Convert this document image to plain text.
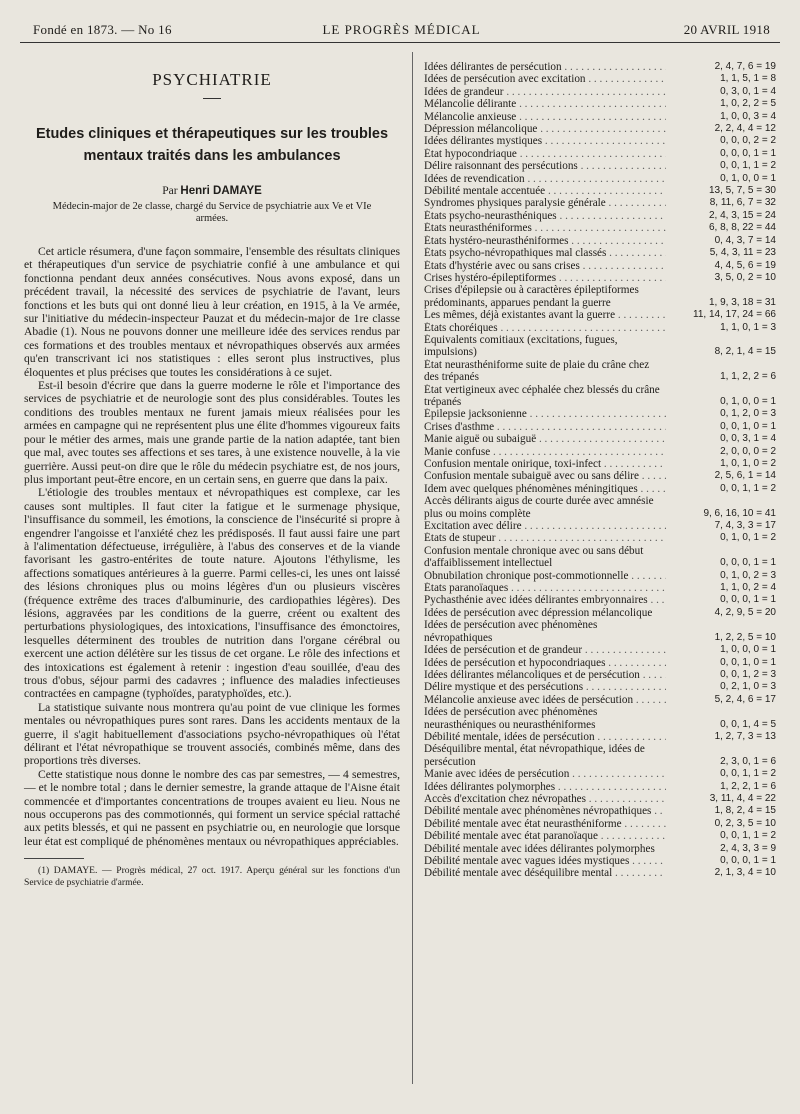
Fondé en 1873. — No 16	LE PROGRÈS MÉDICAL	20 AVRIL 1918
PSYCHIATRIE
Etudes cliniques et thérapeutiques sur les troubles mentaux traités dans les ambulances

Par Henri DAMAYE

Médecin-major de 2e classe, chargé du Service de psychiatrie aux Ve et VIe armées.

Cet article résumera, d'une façon sommaire, l'ensemble des résultats cliniques et thérapeutiques d'un service de psychiatrie confié à une ambulance et qui fonctionna pendant deux années consécutives. Nous avons exposé, dans un précédent travail, la nécessité des services de psychiatrie de l'avant, leurs fonctions et les buts qui ont donné lieu à leur création, en 1915, à la Ve armée, sur l'initiative du médecin-inspecteur Pauzat et du médecin-major de 1re classe Abadie (1). Nous ne pouvons donner une meilleure idée des services rendus par ces formations et des troubles mentaux et névropathiques observés aux armées qu'en transcrivant ici nos statistiques : elles seront plus instructives, plus éloquentes et plus précises que toutes les considérations à ce sujet.

Est-il besoin d'écrire que dans la guerre moderne le rôle et l'importance des services de psychiatrie et de neurologie sont des plus considérables. Toutes les conditions des troubles mentaux ne furent jamais mieux réalisées pour les armées en campagne qui ne représentent plus une élite d'hommes vigoureux faits pour le métier des armes, mais une grande partie de la nation adaptée, tant bien que mal, avec toutes ses affections et ses tares, à une existence nouvelle, à la vie guerrière. Aussi peut-on dire que le rôle du médecin psychiatre est, de nos jours, plus important peut-être encore, en un certain sens, en guerre que dans la paix.

L'étiologie des troubles mentaux et névropathiques est complexe, car les causes sont multiples. Il faut citer la fatigue et le surmenage physique, l'insuffisance du sommeil, les émotions, la conscience de l'insécurité si propre à engendrer l'angoisse et l'anxiété chez les prédisposés. Il faut aussi faire une part à l'alimentation défectueuse, irrégulière, à l'abus des conserves et de la viande favorisant les gastro-entérites de toute nature. Ajoutons l'éthylisme, les affections somatiques antérieures à la guerre. Parmi celles-ci, les unes ont laissé des lésions chroniques plus ou moins légères d'un ou plusieurs viscères (fréquence extrême des traces d'albuminurie, des cardiopathies légères). Des lésions, aggravées par les conditions de la guerre, créent ou exaltent des perturbations physiologiques, des intoxications, l'insuffisance des émonctoires, lesquelles déterminent des troubles de nutrition dans l'organe cérébral ou exercent une action délétère sur les tissus de cet organe. Le rôle des infections et des intoxications est également à retenir : ingestion d'eau souillée, d'eau des trous d'obus, séjour parmi des cadavres ; influence des maladies infectieuses contractées en campagne (typhoïdes, paratyphoïdes, etc.).

La statistique suivante nous montrera qu'au point de vue clinique les formes mentales ou névropathiques pures sont rares. Dans les accidents mentaux de la guerre, il s'agit habituellement d'associations psycho-névropathiques où l'état délirant et l'état névropathique se trouvent associés, combinés même, dans des proportions très diverses.

Cette statistique nous donne le nombre des cas par semestres, — 4 semestres, — et le nombre total ; dans le dernier semestre, la grande attaque de l'Aisne était commencée et d'importantes concentrations de troupes avaient eu lieu. Nous ne nous occuperons pas des commotionnés, qui forment un service spécial rattaché aux petits blessés, et qui ne passent en psychiatrie ou, en neurologie que lorsque leur état est compliqué de phénomènes mentaux ou névropathiques appréciables.

(1) DAMAYE. — Progrès médical, 27 oct. 1917. Aperçu général sur les fonctions d'un Service de psychiatrie d'armée.

Idées délirantes de persécution . . .	2, 4, 7, 6 = 19
Idées de persécution avec excitation . . .	1, 1, 5, 1 = 8
Idées de grandeur . . .	0, 3, 0, 1 = 4
Mélancolie délirante . . .	1, 0, 2, 2 = 5
Mélancolie anxieuse . . .	1, 0, 0, 3 = 4
Dépression mélancolique . . .	2, 2, 4, 4 = 12
Idées délirantes mystiques . . .	0, 0, 0, 2 = 2
État hypocondriaque . . .	0, 0, 0, 1 = 1
Délire raisonnant des persécutions . . .	0, 0, 1, 1 = 2
Idées de revendication . . .	0, 1, 0, 0 = 1
Débilité mentale accentuée . . .	13, 5, 7, 5 = 30
Syndromes physiques paralysie générale . . .	8, 11, 6, 7 = 32
États psycho-neurasthéniques . . .	2, 4, 3, 15 = 24
États neurasthéniformes . . .	6, 8, 8, 22 = 44
États hystéro-neurasthéniformes . . .	0, 4, 3, 7 = 14
États psycho-névropathiques mal classés . . .	5, 4, 3, 11 = 23
États d'hystérie avec ou sans crises . . .	4, 4, 5, 6 = 19
Crises hystéro-épileptiformes . . .	3, 5, 0, 2 = 10
Crises d'épilepsie ou à caractères épileptiformes prédominants, apparues pendant la guerre	1, 9, 3, 18 = 31
Les mêmes, déjà existantes avant la guerre . . .	11, 14, 17, 24 = 66
États choréiques . . .	1, 1, 0, 1 = 3
Équivalents comitiaux (excitations, fugues, impulsions)	8, 2, 1, 4 = 15
État neurasthéniforme suite de plaie du crâne chez des trépanés	1, 1, 2, 2 = 6
État vertigineux avec céphalée chez blessés du crâne trépanés	0, 1, 0, 0 = 1
Épilepsie jacksonienne . . .	0, 1, 2, 0 = 3
Crises d'asthme . . .	0, 0, 1, 0 = 1
Manie aiguë ou subaiguë . . .	0, 0, 3, 1 = 4
Manie confuse . . .	2, 0, 0, 0 = 2
Confusion mentale onirique, toxi-infect . . .	1, 0, 1, 0 = 2
Confusion mentale subaiguë avec ou sans délire . . .	2, 5, 6, 1 = 14
Idem avec quelques phénomènes méningitiques . . .	0, 0, 1, 1 = 2
Accès délirants aigus de courte durée avec amnésie plus ou moins complète	9, 6, 16, 10 = 41
Excitation avec délire . . .	7, 4, 3, 3 = 17
États de stupeur . . .	0, 1, 0, 1 = 2
Confusion mentale chronique avec ou sans début d'affaiblissement intellectuel	0, 0, 0, 1 = 1
Obnubilation chronique post-commotionnelle . . .	0, 1, 0, 2 = 3
États paranoïaques . . .	1, 1, 0, 2 = 4
Pychasthénie avec idées délirantes embryonnaires . . .	0, 0, 0, 1 = 1
Idées de persécution avec dépression mélancolique	4, 2, 9, 5 = 20
Idées de persécution avec phénomènes névropathiques	1, 2, 2, 5 = 10
Idées de persécution et de grandeur . . .	1, 0, 0, 0 = 1
Idées de persécution et hypocondriaques . . .	0, 0, 1, 0 = 1
Idées délirantes mélancoliques et de persécution . . .	0, 0, 1, 2 = 3
Délire mystique et des persécutions . . .	0, 2, 1, 0 = 3
Mélancolie anxieuse avec idées de persécution . . .	5, 2, 4, 6 = 17
Idées de persécution avec phénomènes neurasthéniques ou neurasthéniformes	0, 0, 1, 4 = 5
Débilité mentale, idées de persécution . . .	1, 2, 7, 3 = 13
Déséquilibre mental, état névropathique, idées de persécution	2, 3, 0, 1 = 6
Manie avec idées de persécution . . .	0, 0, 1, 1 = 2
Idées délirantes polymorphes . . .	1, 2, 2, 1 = 6
Accès d'excitation chez névropathes . . .	3, 11, 4, 4 = 22
Débilité mentale avec phénomènes névropathiques . . .	1, 8, 2, 4 = 15
Débilité mentale avec état neurasthéniforme . . .	0, 2, 3, 5 = 10
Débilité mentale avec état paranoïaque . . .	0, 0, 1, 1 = 2
Débilité mentale avec idées délirantes polymorphes	2, 4, 3, 3 = 9
Débilité mentale avec vagues idées mystiques . . .	0, 0, 0, 1 = 1
Débilité mentale avec déséquilibre mental . . .	2, 1, 3, 4 = 10
